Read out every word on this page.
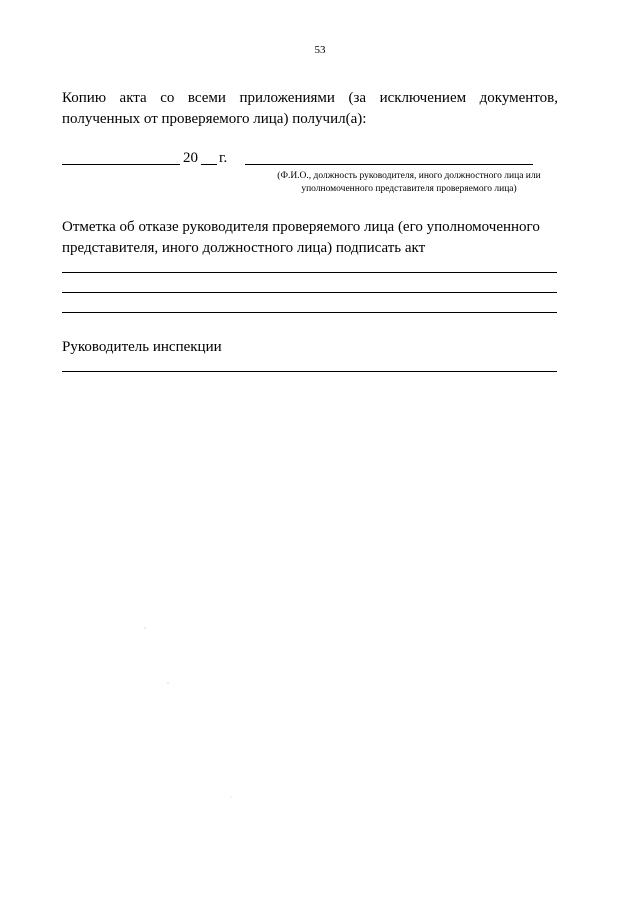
53

Копию акта со всеми приложениями (за исключением документов, полученных от проверяемого лица) получил(а):

20 г.
(Ф.И.О., должность руководителя, иного должностного лица или уполномоченного представителя проверяемого лица)

Отметка об отказе руководителя проверяемого лица (его уполномоченного представителя, иного должностного лица) подписать акт

Руководитель инспекции
